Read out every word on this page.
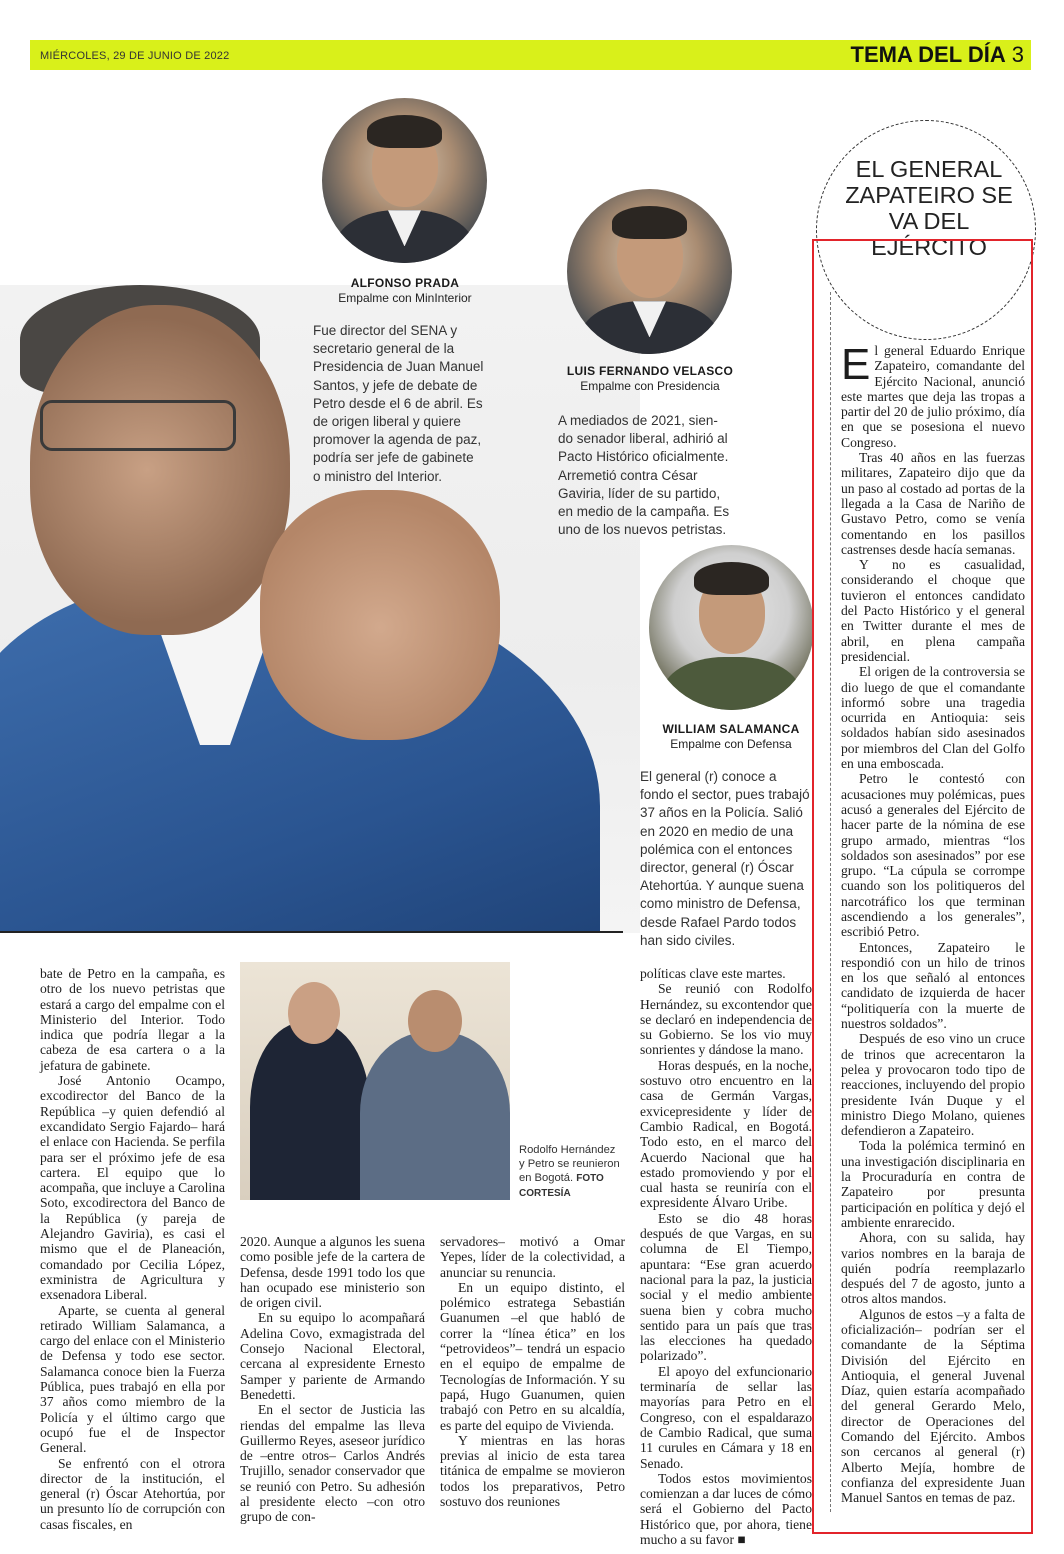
MIÉRCOLES, 29 DE JUNIO DE 2022	TEMA DEL DÍA 3
ALFONSO PRADA
Empalme con MinInterior
Fue director del SENA y
secretario general de la
Presidencia de Juan Manuel
Santos, y jefe de debate de
Petro desde el 6 de abril. Es
de origen liberal y quiere
promover la agenda de paz,
podría ser jefe de gabinete
o ministro del Interior.
LUIS FERNANDO VELASCO
Empalme con Presidencia
A mediados de 2021, sien-
do senador liberal, adhirió al
Pacto Histórico oficialmente.
Arremetió contra César
Gaviria, líder de su partido,
en medio de la campaña. Es
uno de los nuevos petristas.
WILLIAM SALAMANCA
Empalme con Defensa
El general (r) conoce a
fondo el sector, pues trabajó
37 años en la Policía. Salió
en 2020 en medio de una
polémica con el entonces
director, general (r) Óscar
Atehortúa. Y aunque suena
como ministro de Defensa,
desde Rafael Pardo todos
han sido civiles.
Rodolfo Hernández y Petro se reunieron en Bogotá. FOTO CORTESÍA

bate de Petro en la campaña, es otro de los nuevo petristas que estará a cargo del empalme con el Ministerio del Interior. Todo indica que podría llegar a la cabeza de esa cartera o a la jefatura de gabinete.

José Antonio Ocampo, excodirector del Banco de la República –y quien defendió al excandidato Sergio Fajardo– hará el enlace con Hacienda. Se perfila para ser el próximo jefe de esa cartera. El equipo que lo acompaña, que incluye a Carolina Soto, excodirectora del Banco de la República (y pareja de Alejandro Gaviria), es casi el mismo que el de Planeación, comandado por Cecilia López, exministra de Agricultura y exsenadora Liberal.

Aparte, se cuenta al general retirado William Salamanca, a cargo del enlace con el Ministerio de Defensa y todo ese sector. Salamanca conoce bien la Fuerza Pública, pues trabajó en ella por 37 años como miembro de la Policía y el último cargo que ocupó fue el de Inspector General.

Se enfrentó con el otrora director de la institución, el general (r) Óscar Atehortúa, por un presunto lío de corrupción con casas fiscales, en

2020. Aunque a algunos les suena como posible jefe de la cartera de Defensa, desde 1991 todo los que han ocupado ese ministerio son de origen civil.

En su equipo lo acompañará Adelina Covo, exmagistrada del Consejo Nacional Electoral, cercana al expresidente Ernesto Samper y pariente de Armando Benedetti.

En el sector de Justicia las riendas del empalme las lleva Guillermo Reyes, aseseor jurídico de –entre otros– Carlos Andrés Trujillo, senador conservador que se reunió con Petro. Su adhesión al presidente electo –con otro grupo de con-

servadores– motivó a Omar Yepes, líder de la colectividad, a anunciar su renuncia.

En un equipo distinto, el polémico estratega Sebastián Guanumen –el que habló de correr la “línea ética” en los “petrovideos”– tendrá un espacio en el equipo de empalme de Tecnologías de Información. Y su papá, Hugo Guanumen, quien trabajó con Petro en su alcaldía, es parte del equipo de Vivienda.

Y mientras en las horas previas al inicio de esta tarea titánica de empalme se movieron todos los preparativos, Petro sostuvo dos reuniones

políticas clave este martes.

Se reunió con Rodolfo Hernández, su excontendor que se declaró en independencia de su Gobierno. Se los vio muy sonrientes y dándose la mano.

Horas después, en la noche, sostuvo otro encuentro en la casa de Germán Vargas, exvicepresidente y líder de Cambio Radical, en Bogotá. Todo esto, en el marco del Acuerdo Nacional que ha estado promoviendo y por el cual hasta se reuniría con el expresidente Álvaro Uribe.

Esto se dio 48 horas después de que Vargas, en su columna de El Tiempo, apuntara: “Ese gran acuerdo nacional para la paz, la justicia social y el medio ambiente suena bien y cobra mucho sentido para un país que tras las elecciones ha quedado polarizado”.

El apoyo del exfuncionario terminaría de sellar las mayorías para Petro en el Congreso, con el espaldarazo de Cambio Radical, que suma 11 curules en Cámara y 18 en Senado.

Todos estos movimientos comienzan a dar luces de cómo será el Gobierno del Pacto Histórico que, por ahora, tiene mucho a su favor ■

EL GENERAL ZAPATEIRO SE VA DEL EJÉRCITO

El general Eduardo Enrique Zapateiro, comandante del Ejército Nacional, anunció este martes que deja las tropas a partir del 20 de julio próximo, día en que se posesiona el nuevo Congreso.

Tras 40 años en las fuerzas militares, Zapateiro dijo que da un paso al costado ad portas de la llegada a la Casa de Nariño de Gustavo Petro, como se venía comentando en los pasillos castrenses desde hacía semanas.

Y no es casualidad, considerando el choque que tuvieron el entonces candidato del Pacto Histórico y el general en Twitter durante el mes de abril, en plena campaña presidencial.

El origen de la controversia se dio luego de que el comandante informó sobre una tragedia ocurrida en Antioquia: seis soldados habían sido asesinados por miembros del Clan del Golfo en una emboscada.

Petro le contestó con acusaciones muy polémicas, pues acusó a generales del Ejército de hacer parte de la nómina de ese grupo armado, mientras “los soldados son asesinados” por ese grupo. “La cúpula se corrompe cuando son los politiqueros del narcotráfico los que terminan ascendiendo a los generales”, escribió Petro.

Entonces, Zapateiro le respondió con un hilo de trinos en los que señaló al entonces candidato de izquierda de hacer “politiquería con la muerte de nuestros soldados”.

Después de eso vino un cruce de trinos que acrecentaron la pelea y provocaron todo tipo de reacciones, incluyendo del propio presidente Iván Duque y el ministro Diego Molano, quienes defendieron a Zapateiro.

Toda la polémica terminó en una investigación disciplinaria en la Procuraduría en contra de Zapateiro por presunta participación en política y dejó el ambiente enrarecido.

Ahora, con su salida, hay varios nombres en la baraja de quién podría reemplazarlo después del 7 de agosto, junto a otros altos mandos.

Algunos de estos –y a falta de oficialización– podrían ser el comandante de la Séptima División del Ejército en Antioquia, el general Juvenal Díaz, quien estaría acompañado del general Gerardo Melo, director de Operaciones del Comando del Ejército. Ambos son cercanos al general (r) Alberto Mejía, hombre de confianza del expresidente Juan Manuel Santos en temas de paz.
